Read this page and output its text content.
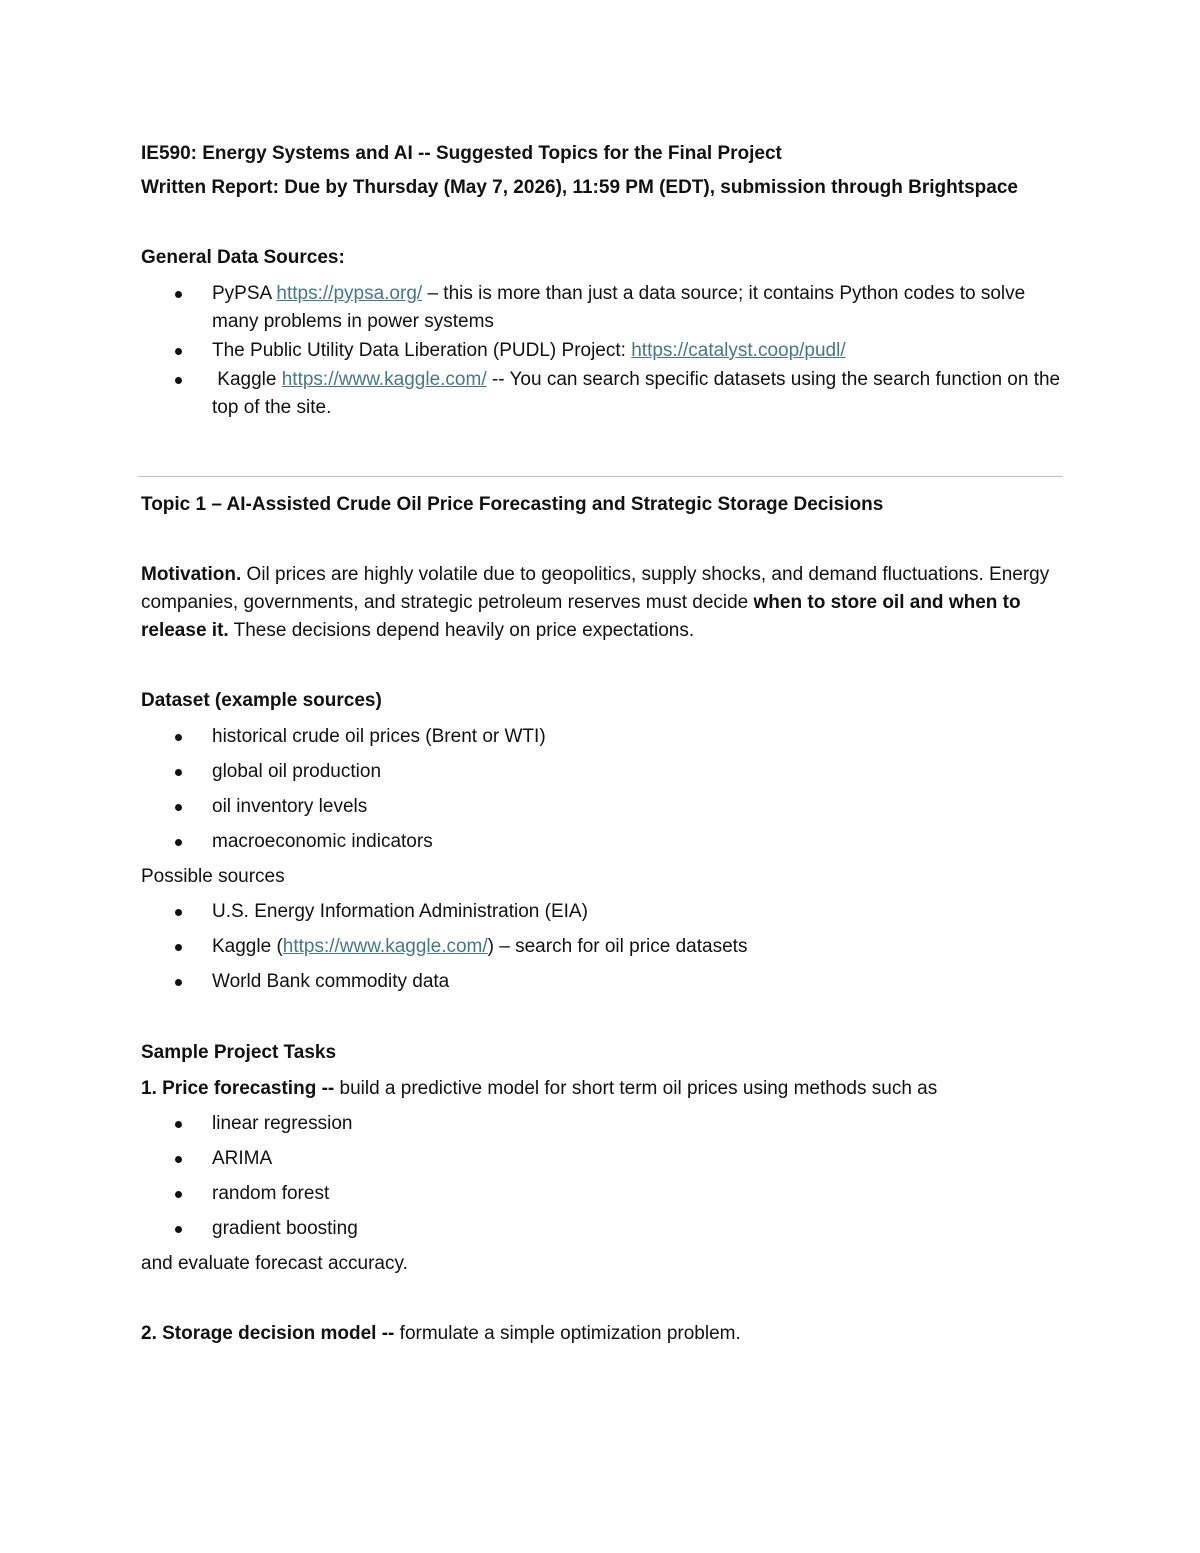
IE590: Energy Systems and AI -- Suggested Topics for the Final Project

Written Report: Due by Thursday (May 7, 2026), 11:59 PM (EDT), submission through Brightspace

General Data Sources:

PyPSA https://pypsa.org/ – this is more than just a data source; it contains Python codes to solve many problems in power systems
The Public Utility Data Liberation (PUDL) Project: https://catalyst.coop/pudl/
Kaggle https://www.kaggle.com/ -- You can search specific datasets using the search function on the top of the site.

Topic 1 – AI-Assisted Crude Oil Price Forecasting and Strategic Storage Decisions

Motivation. Oil prices are highly volatile due to geopolitics, supply shocks, and demand fluctuations. Energy companies, governments, and strategic petroleum reserves must decide when to store oil and when to release it. These decisions depend heavily on price expectations.

Dataset (example sources)

historical crude oil prices (Brent or WTI)
global oil production
oil inventory levels
macroeconomic indicators

Possible sources

U.S. Energy Information Administration (EIA)
Kaggle (https://www.kaggle.com/) – search for oil price datasets
World Bank commodity data

Sample Project Tasks

1. Price forecasting -- build a predictive model for short term oil prices using methods such as

linear regression
ARIMA
random forest
gradient boosting

and evaluate forecast accuracy.

2. Storage decision model -- formulate a simple optimization problem.
